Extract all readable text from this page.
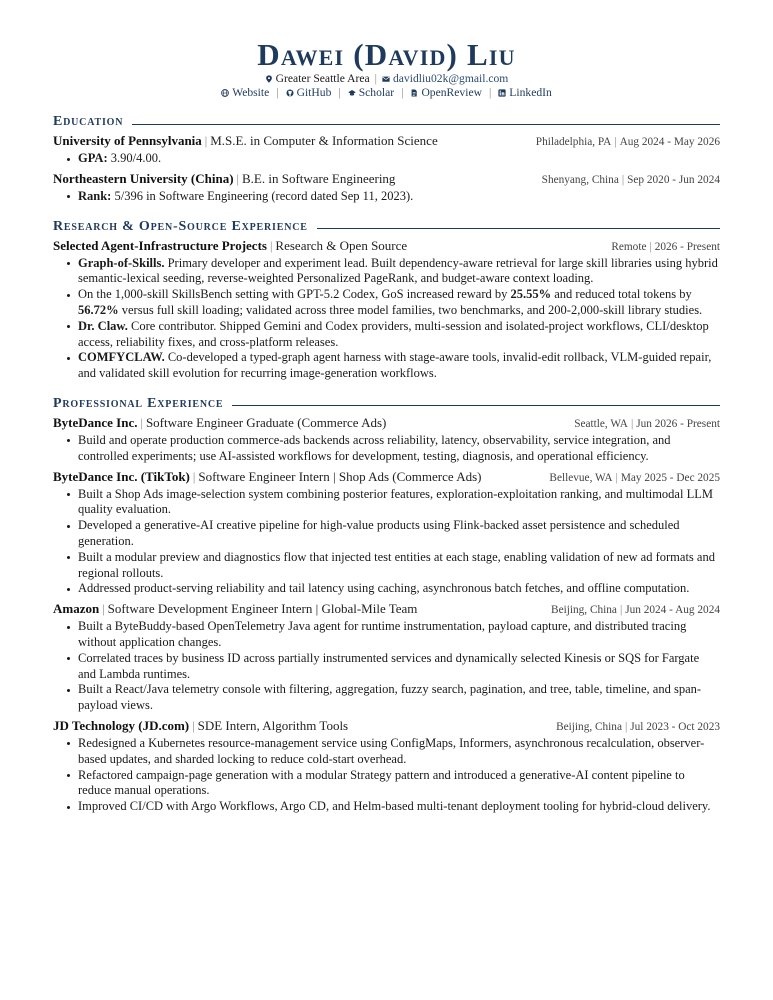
Dawei (David) Liu
Greater Seattle Area | davidliu02k@gmail.com
Website | GitHub | Scholar | OpenReview | LinkedIn
Education
University of Pennsylvania | M.S.E. in Computer & Information Science	Philadelphia, PA | Aug 2024 - May 2026
GPA: 3.90/4.00.
Northeastern University (China) | B.E. in Software Engineering	Shenyang, China | Sep 2020 - Jun 2024
Rank: 5/396 in Software Engineering (record dated Sep 11, 2023).
Research & Open-Source Experience
Selected Agent-Infrastructure Projects | Research & Open Source	Remote | 2026 - Present
Graph-of-Skills. Primary developer and experiment lead. Built dependency-aware retrieval for large skill libraries using hybrid semantic-lexical seeding, reverse-weighted Personalized PageRank, and budget-aware context loading.
On the 1,000-skill SkillsBench setting with GPT-5.2 Codex, GoS increased reward by 25.55% and reduced total tokens by 56.72% versus full skill loading; validated across three model families, two benchmarks, and 200-2,000-skill library studies.
Dr. Claw. Core contributor. Shipped Gemini and Codex providers, multi-session and isolated-project workflows, CLI/desktop access, reliability fixes, and cross-platform releases.
COMFYCLAW. Co-developed a typed-graph agent harness with stage-aware tools, invalid-edit rollback, VLM-guided repair, and validated skill evolution for recurring image-generation workflows.
Professional Experience
ByteDance Inc. | Software Engineer Graduate (Commerce Ads)	Seattle, WA | Jun 2026 - Present
Build and operate production commerce-ads backends across reliability, latency, observability, service integration, and controlled experiments; use AI-assisted workflows for development, testing, diagnosis, and operational efficiency.
ByteDance Inc. (TikTok) | Software Engineer Intern | Shop Ads (Commerce Ads)	Bellevue, WA | May 2025 - Dec 2025
Built a Shop Ads image-selection system combining posterior features, exploration-exploitation ranking, and multimodal LLM quality evaluation.
Developed a generative-AI creative pipeline for high-value products using Flink-backed asset persistence and scheduled generation.
Built a modular preview and diagnostics flow that injected test entities at each stage, enabling validation of new ad formats and regional rollouts.
Addressed product-serving reliability and tail latency using caching, asynchronous batch fetches, and offline computation.
Amazon | Software Development Engineer Intern | Global-Mile Team	Beijing, China | Jun 2024 - Aug 2024
Built a ByteBuddy-based OpenTelemetry Java agent for runtime instrumentation, payload capture, and distributed tracing without application changes.
Correlated traces by business ID across partially instrumented services and dynamically selected Kinesis or SQS for Fargate and Lambda runtimes.
Built a React/Java telemetry console with filtering, aggregation, fuzzy search, pagination, and tree, table, timeline, and span-payload views.
JD Technology (JD.com) | SDE Intern, Algorithm Tools	Beijing, China | Jul 2023 - Oct 2023
Redesigned a Kubernetes resource-management service using ConfigMaps, Informers, asynchronous recalculation, observer-based updates, and sharded locking to reduce cold-start overhead.
Refactored campaign-page generation with a modular Strategy pattern and introduced a generative-AI content pipeline to reduce manual operations.
Improved CI/CD with Argo Workflows, Argo CD, and Helm-based multi-tenant deployment tooling for hybrid-cloud delivery.
